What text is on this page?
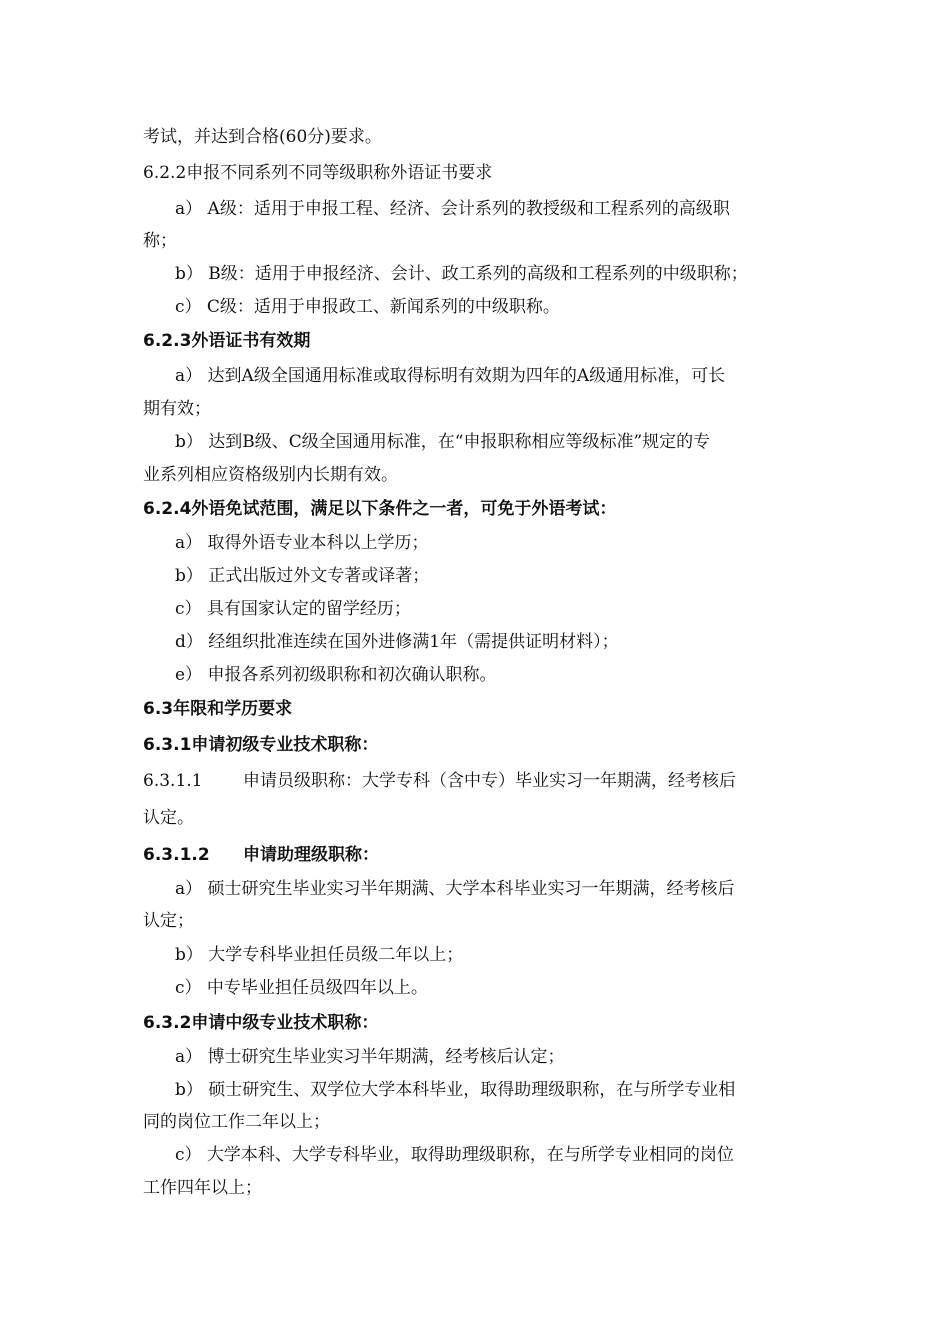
考试，并达到合格(60分)要求。
6.2.2申报不同系列不同等级职称外语证书要求
a） A级：适用于申报工程、经济、会计系列的教授级和工程系列的高级职
称；
b） B级：适用于申报经济、会计、政工系列的高级和工程系列的中级职称；
c） C级：适用于申报政工、新闻系列的中级职称。
6.2.3外语证书有效期
a） 达到A级全国通用标准或取得标明有效期为四年的A级通用标准，可长
期有效；
b） 达到B级、C级全国通用标准，在“申报职称相应等级标准”规定的专
业系列相应资格级别内长期有效。
6.2.4外语免试范围，满足以下条件之一者，可免于外语考试：
a） 取得外语专业本科以上学历；
b） 正式出版过外文专著或译著；
c） 具有国家认定的留学经历；
d） 经组织批准连续在国外进修满1年（需提供证明材料）；
e） 申报各系列初级职称和初次确认职称。
6.3年限和学历要求
6.3.1申请初级专业技术职称：
6.3.1.1 申请员级职称：大学专科（含中专）毕业实习一年期满，经考核后
认定。
6.3.1.2 申请助理级职称：
a） 硕士研究生毕业实习半年期满、大学本科毕业实习一年期满，经考核后
认定；
b） 大学专科毕业担任员级二年以上；
c） 中专毕业担任员级四年以上。
6.3.2申请中级专业技术职称：
a） 博士研究生毕业实习半年期满，经考核后认定；
b） 硕士研究生、双学位大学本科毕业，取得助理级职称，在与所学专业相
同的岗位工作二年以上；
c） 大学本科、大学专科毕业，取得助理级职称，在与所学专业相同的岗位
工作四年以上；
